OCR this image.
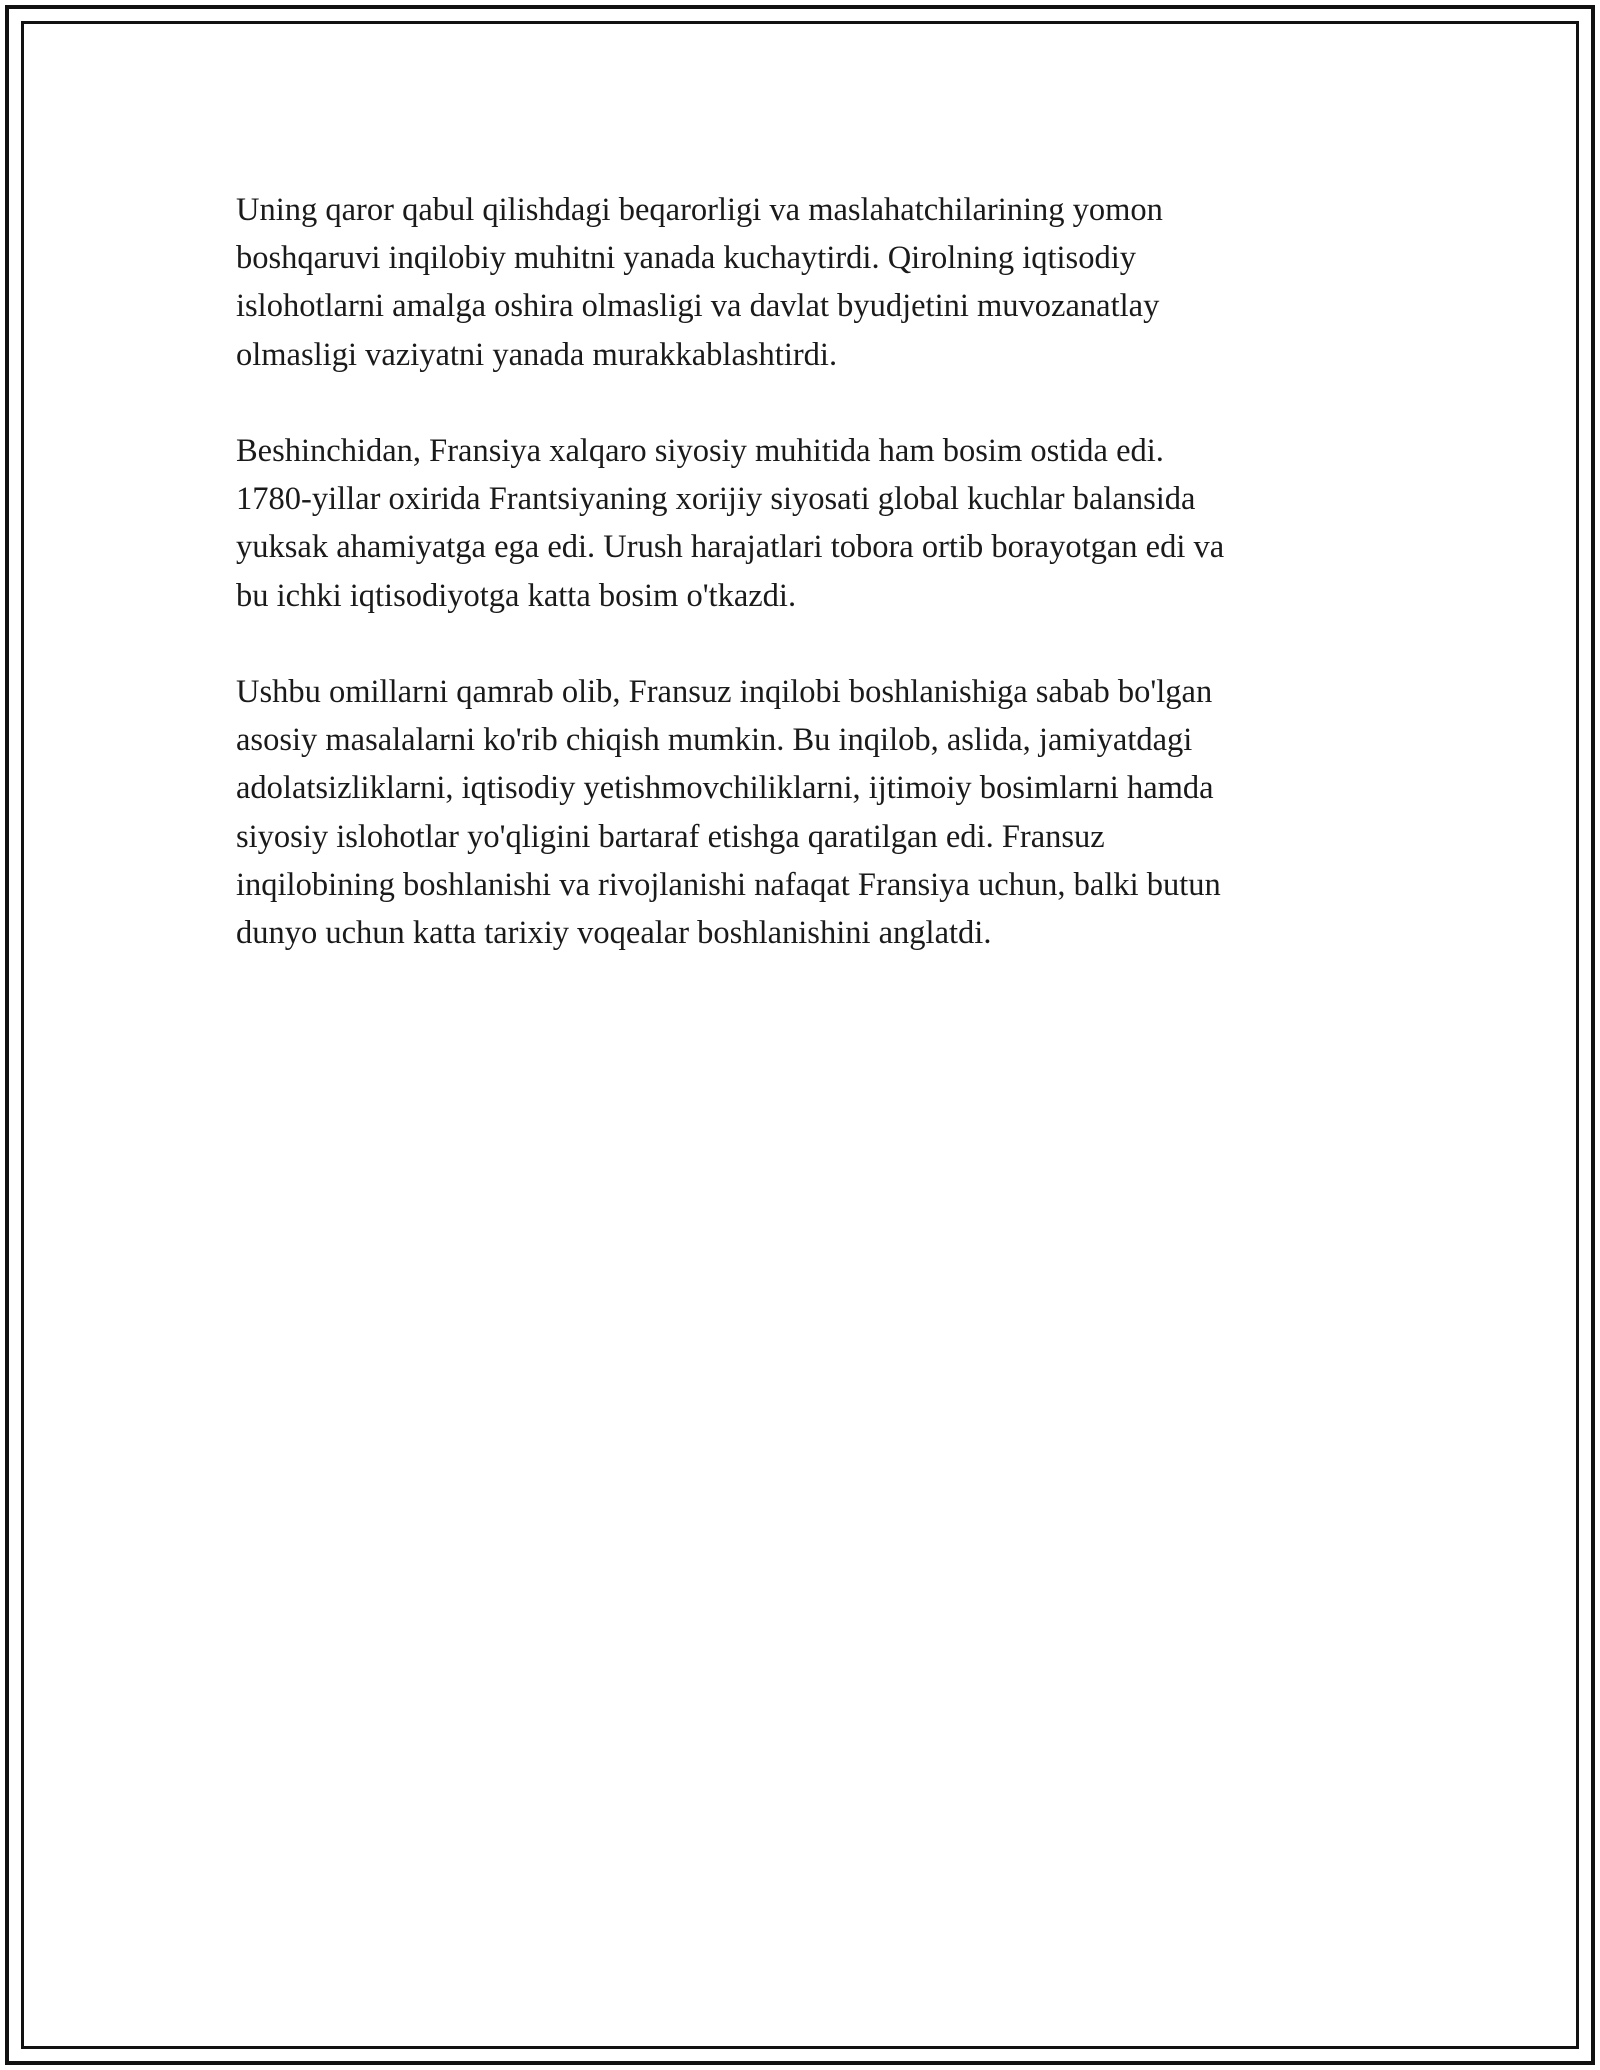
Uning qaror qabul qilishdagi beqarorligi va maslahatchilarining yomon
boshqaruvi inqilobiy muhitni yanada kuchaytirdi. Qirolning iqtisodiy
islohotlarni amalga oshira olmasligi va davlat byudjetini muvozanatlay
olmasligi vaziyatni yanada murakkablashtirdi.

Beshinchidan, Fransiya xalqaro siyosiy muhitida ham bosim ostida edi.
1780-yillar oxirida Frantsiyaning xorijiy siyosati global kuchlar balansida
yuksak ahamiyatga ega edi. Urush harajatlari tobora ortib borayotgan edi va
bu ichki iqtisodiyotga katta bosim o'tkazdi.

Ushbu omillarni qamrab olib, Fransuz inqilobi boshlanishiga sabab bo'lgan
asosiy masalalarni ko'rib chiqish mumkin. Bu inqilob, aslida, jamiyatdagi
adolatsizliklarni, iqtisodiy yetishmovchiliklarni, ijtimoiy bosimlarni hamda
siyosiy islohotlar yo'qligini bartaraf etishga qaratilgan edi. Fransuz
inqilobining boshlanishi va rivojlanishi nafaqat Fransiya uchun, balki butun
dunyo uchun katta tarixiy voqealar boshlanishini anglatdi.
